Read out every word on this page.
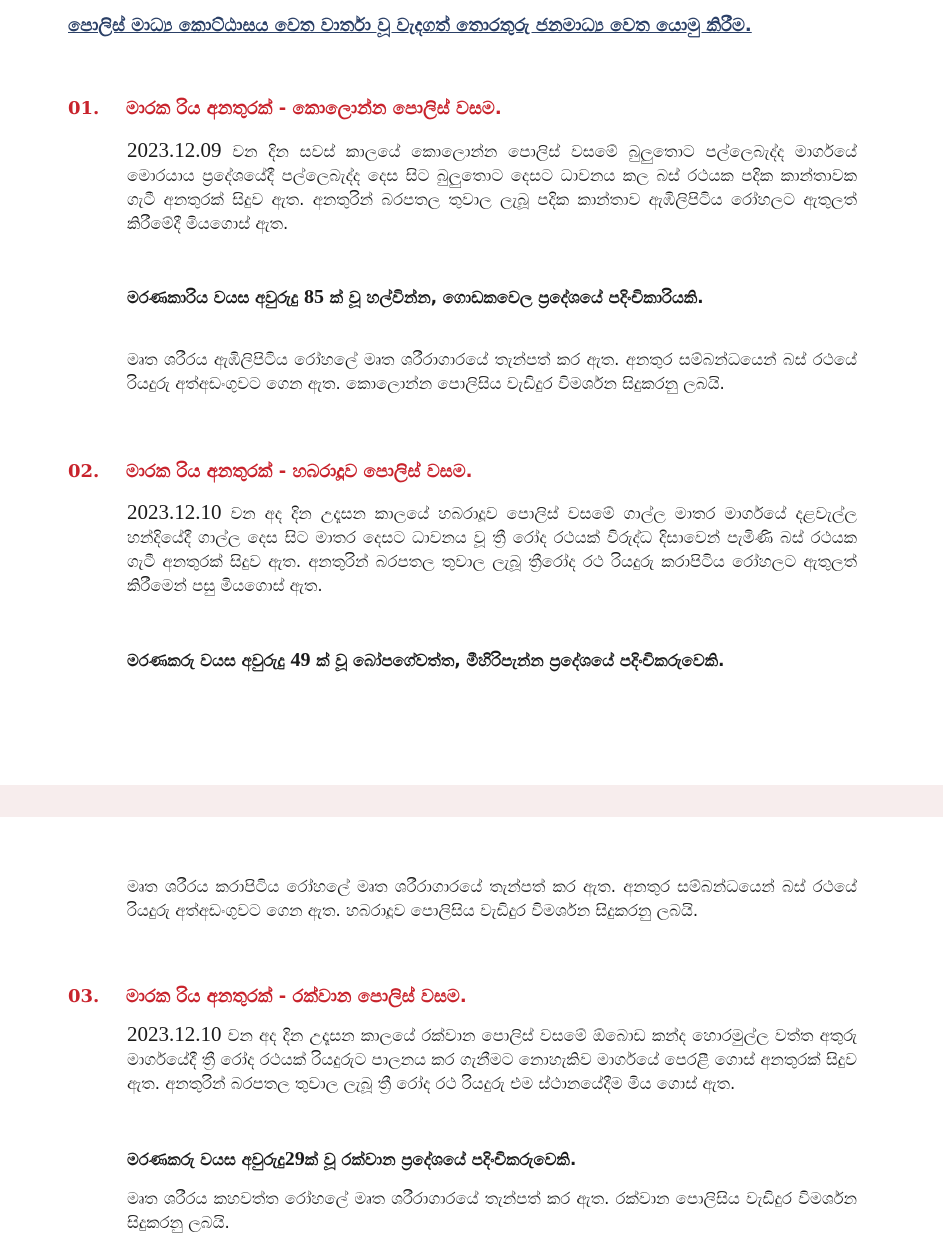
පොලිස් මාධ්‍ය කොට්ඨාසය වෙත වාර්තා වූ වැදගත් තොරතුරු ජනමාධ්‍ය වෙත යොමු කිරීම.
01. මාරක රිය අනතුරක් - කොලොන්න පොලිස් වසම.

2023.12.09 වන දින සවස් කාලයේ කොලොන්න පොලිස් වසමේ බුලුතොට පල්ලෙබැද්ද මාර්ගයේ මොරයාය ප්‍රදේශයේදී පල්ලෙබැද්ද දෙස සිට බුලුතොට දෙසට ධාවනය කල බස් රථයක පදික කාන්තාවක ගැටී අනතුරක් සිදුව ඇත. අනතුරින් බරපතල තුවාල ලැබූ පදික කාන්තාව ඇඹිලිපිටිය රෝහලට ඇතුලත් කිරීමේදී මියගොස් ඇත.

මරණකාරිය වයස අවුරුදු 85 ක් වූ හල්වින්න, ගොඩකවෙල ප්‍රදේශයේ පදිංචිකාරියකි.

මෘත ශරීරය ඇඹිලිපිටිය රෝහලේ මෘත ශරීරාගාරයේ තැන්පත් කර ඇත. අනතුර සම්බන්ධයෙන් බස් රථයේ රියදුරු අත්අඩංගුවට ගෙන ඇත. කොලොන්න පොලිසිය වැඩිදුර විමර්ශන සිදුකරනු ලබයි.

02. මාරක රිය අනතුරක් - හබරාදූව පොලිස් වසම.

2023.12.10 වන අද දින උදෑසන කාලයේ හබරාදූව පොලිස් වසමේ ගාල්ල මාතර මාර්ගයේ දළවැල්ල හන්දියේදී ගාල්ල දෙස සිට මාතර දෙසට ධාවනය වූ ත්‍රී රෝද රථයක් විරුද්ධ දිසාවෙන් පැමිණි බස් රථයක ගැටී අනතුරක් සිදුව ඇත. අනතුරින් බරපතල තුවාල ලැබූ ත්‍රීරෝද රථ රියදුරු කරාපිටිය රෝහලට ඇතුලත් කිරීමෙන් පසු මියගොස් ඇත.

මරණකරු වයස අවුරුදු 49 ක් වූ බෝපගේවත්ත, මීහිරිපැන්න ප්‍රදේශයේ පදිංචිකරුවෙකි.

මෘත ශරීරය කරාපිටිය රෝහලේ මෘත ශරීරාගාරයේ තැන්පත් කර ඇත. අනතුර සම්බන්ධයෙන් බස් රථයේ රියදුරු අත්අඩංගුවට ගෙන ඇත. හබරාදූව පොලිසිය වැඩිදුර විමර්ශන සිදුකරනු ලබයි.

03. මාරක රිය අනතුරක් - රක්වාන පොලිස් වසම.

2023.12.10 වන අද දින උදෑසන කාලයේ රක්වාන පොලිස් වසමේ ඕබොඩ කන්ද හොරමුල්ල වත්ත අතුරු මාර්ගයේදී ත්‍රී රෝද රථයක් රියදුරුට පාලනය කර ගැනීමට නොහැකිව මාර්ගයේ පෙරළී ගොස් අනතුරක් සිදුව ඇත. අනතුරින් බරපතල තුවාල ලැබූ ත්‍රී රෝද රථ රියදුරු එම ස්ථානයේදීම මිය ගොස් ඇත.

මරණකරු වයස අවුරුදු29ක් වූ රක්වාන ප්‍රදේශයේ පදිංචිකරුවෙකි.

මෘත ශරීරය කහවත්ත රෝහලේ මෘත ශරීරාගාරයේ තැන්පත් කර ඇත. රක්වාන පොලිසිය වැඩිදුර විමර්ශන සිදුකරනු ලබයි.
